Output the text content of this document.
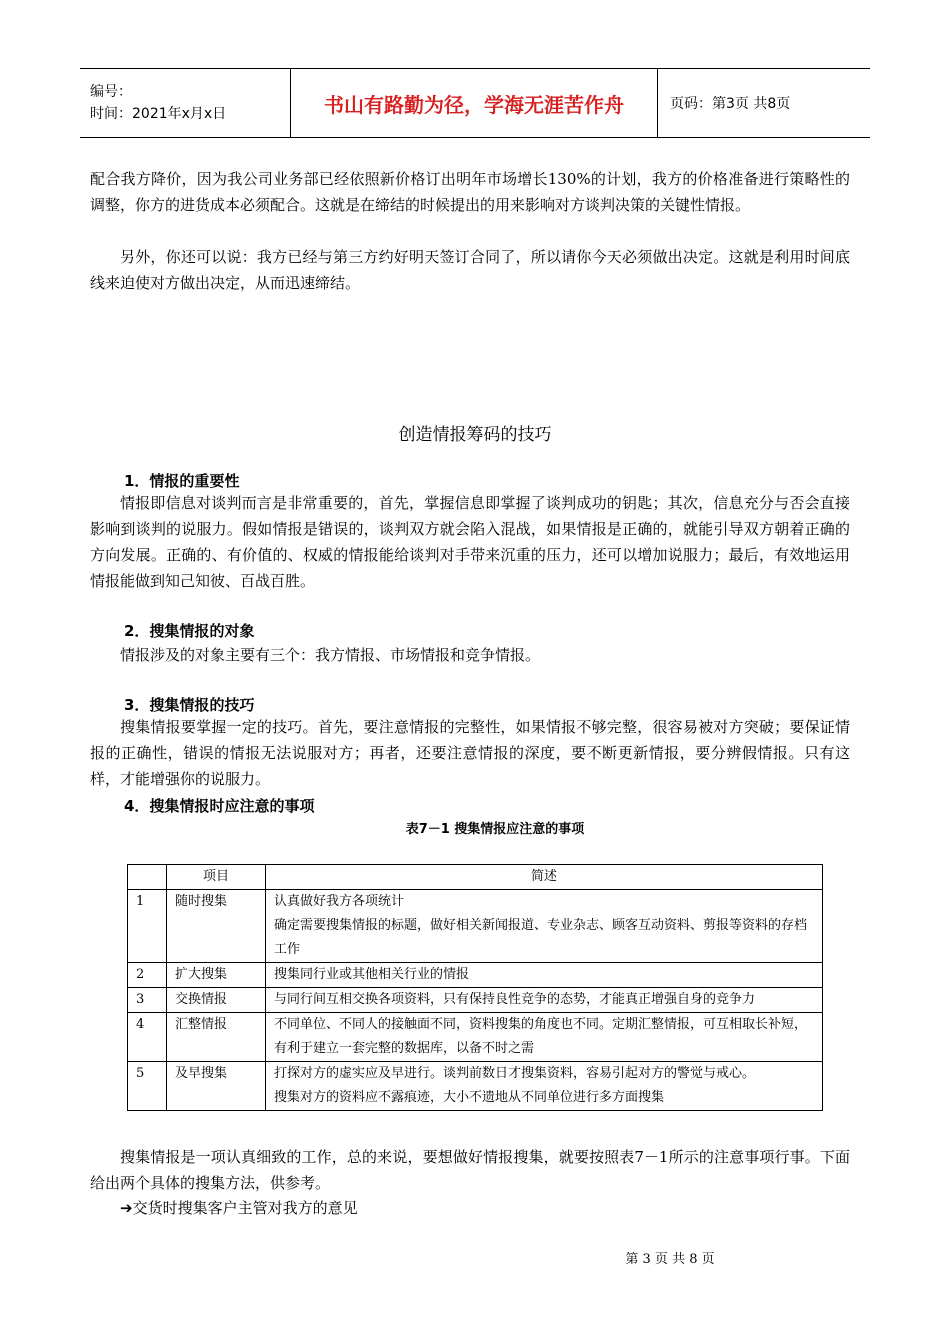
编号：
时间：2021年x月x日	书山有路勤为径，学海无涯苦作舟	页码：第3页 共8页
配合我方降价，因为我公司业务部已经依照新价格订出明年市场增长130%的计划，我方的价格准备进行策略性的调整，你方的进货成本必须配合。这就是在缔结的时候提出的用来影响对方谈判决策的关键性情报。
另外，你还可以说：我方已经与第三方约好明天签订合同了，所以请你今天必须做出决定。这就是利用时间底线来迫使对方做出决定，从而迅速缔结。
创造情报筹码的技巧
1．情报的重要性
情报即信息对谈判而言是非常重要的，首先，掌握信息即掌握了谈判成功的钥匙；其次，信息充分与否会直接影响到谈判的说服力。假如情报是错误的，谈判双方就会陷入混战，如果情报是正确的，就能引导双方朝着正确的方向发展。正确的、有价值的、权威的情报能给谈判对手带来沉重的压力，还可以增加说服力；最后，有效地运用情报能做到知己知彼、百战百胜。
2．搜集情报的对象
情报涉及的对象主要有三个：我方情报、市场情报和竞争情报。
3．搜集情报的技巧
搜集情报要掌握一定的技巧。首先，要注意情报的完整性，如果情报不够完整，很容易被对方突破；要保证情报的正确性，错误的情报无法说服对方；再者，还要注意情报的深度，要不断更新情报，要分辨假情报。只有这样，才能增强你的说服力。
4．搜集情报时应注意的事项
表7－1 搜集情报应注意的事项
	项目	简述
1	随时搜集	认真做好我方各项统计
确定需要搜集情报的标题，做好相关新闻报道、专业杂志、顾客互动资料、剪报等资料的存档工作

2	扩大搜集	搜集同行业或其他相关行业的情报

3	交换情报	与同行间互相交换各项资料，只有保持良性竞争的态势，才能真正增强自身的竞争力

4	汇整情报	不同单位、不同人的接触面不同，资料搜集的角度也不同。定期汇整情报，可互相取长补短，有利于建立一套完整的数据库，以备不时之需

5	及早搜集	打探对方的虚实应及早进行。谈判前数日才搜集资料，容易引起对方的警觉与戒心。
搜集对方的资料应不露痕迹，大小不遗地从不同单位进行多方面搜集
搜集情报是一项认真细致的工作，总的来说，要想做好情报搜集，就要按照表7－1所示的注意事项行事。下面给出两个具体的搜集方法，供参考。
➔交货时搜集客户主管对我方的意见
第 3 页 共 8 页
